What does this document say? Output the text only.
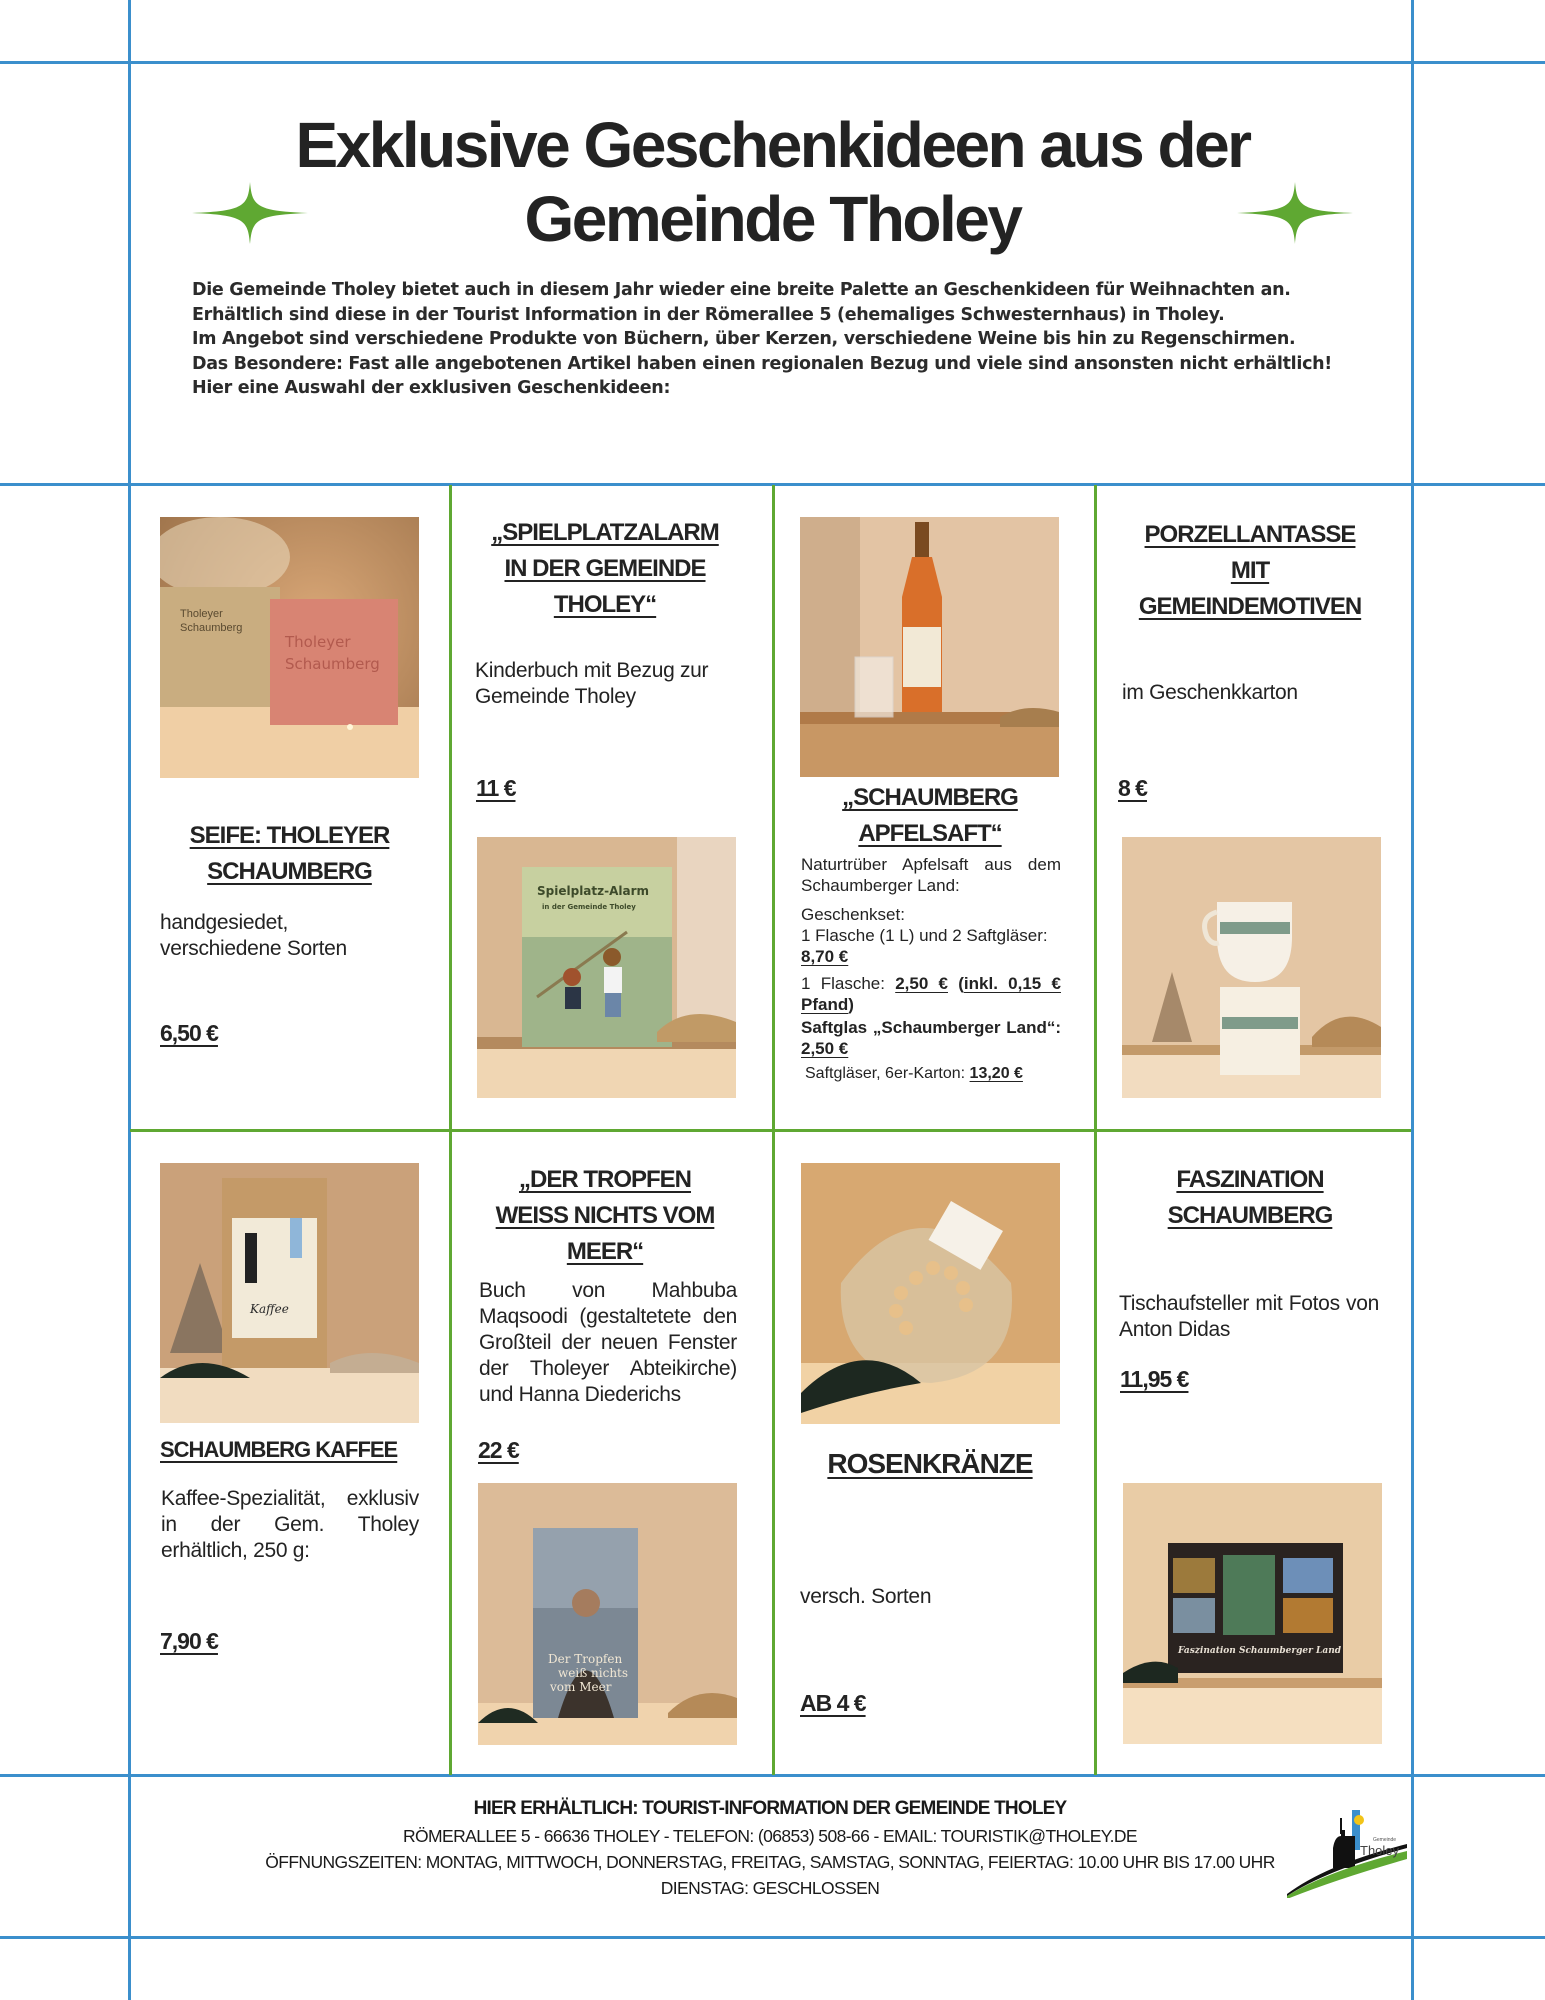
Exklusive Geschenkideen aus der
Gemeinde Tholey
Die Gemeinde Tholey bietet auch in diesem Jahr wieder eine breite Palette an Geschenkideen für Weihnachten an.
Erhältlich sind diese in der Tourist Information in der Römerallee 5 (ehemaliges Schwesternhaus) in Tholey.
Im Angebot sind verschiedene Produkte von Büchern, über Kerzen, verschiedene Weine bis hin zu Regenschirmen.
Das Besondere: Fast alle angebotenen Artikel haben einen regionalen Bezug und viele sind ansonsten nicht erhältlich!
Hier eine Auswahl der exklusiven Geschenkideen:
Tholeyer
Schaumberg
Tholeyer
Schaumberg
SEIFE: THOLEYER
SCHAUMBERG
handgesiedet, verschiedene Sorten
6,50 €
„SPIELPLATZALARM
IN DER GEMEINDE
THOLEY“
Kinderbuch mit Bezug zur Gemeinde Tholey
11 €
Spielplatz-Alarm
in der Gemeinde Tholey
„SCHAUMBERG
APFELSAFT“

Naturtrüber Apfelsaft aus dem Schaumberger Land:

Geschenkset:
1 Flasche (1 L) und 2 Saftgläser:  8,70 €

1 Flasche: 2,50 € (inkl. 0,15 € Pfand)

Saftglas „Schaumberger Land“: 2,50 €

Saftgläser, 6er-Karton: 13,20 €

PORZELLANTASSE
MIT
GEMEINDEMOTIVEN
im Geschenkkarton
8 €
Kaffee
SCHAUMBERG KAFFEE
Kaffee-Spezialität, exklusiv in der Gem. Tholey erhältlich, 250 g:
7,90 €
„DER TROPFEN
WEISS NICHTS VOM
MEER“
Buch von Mahbuba Maqsoodi (gestaltetete den Großteil der neuen Fenster der Tholeyer Abteikirche) und Hanna Diederichs
22 €
Der Tropfen
weiß nichts
vom Meer
ROSENKRÄNZE
versch. Sorten
AB 4 €
FASZINATION
SCHAUMBERG
Tischaufsteller mit Fotos von Anton Didas
11,95 €
Faszination Schaumberger Land
HIER ERHÄLTLICH: TOURIST-INFORMATION DER GEMEINDE THOLEY
RÖMERALLEE 5 - 66636 THOLEY - TELEFON: (06853) 508-66 - EMAIL: TOURISTIK@THOLEY.DE
ÖFFNUNGSZEITEN: MONTAG, MITTWOCH, DONNERSTAG, FREITAG, SAMSTAG, SONNTAG, FEIERTAG: 10.00 UHR BIS 17.00 UHR
DIENSTAG: GESCHLOSSEN
Gemeinde
Tholey
